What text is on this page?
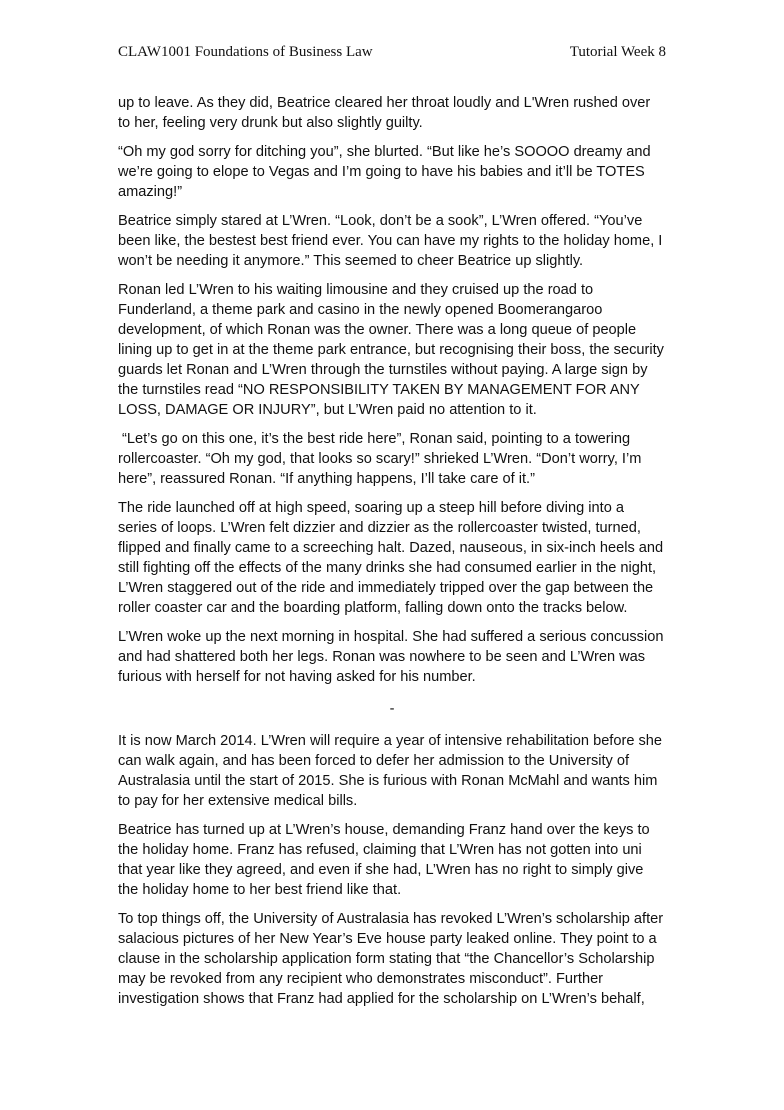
CLAW1001 Foundations of Business Law	Tutorial Week 8

up to leave. As they did, Beatrice cleared her throat loudly and L'Wren rushed over to her, feeling very drunk but also slightly guilty.

“Oh my god sorry for ditching you”, she blurted. “But like he’s SOOOO dreamy and we’re going to elope to Vegas and I’m going to have his babies and it’ll be TOTES amazing!”

Beatrice simply stared at L’Wren. “Look, don’t be a sook”, L’Wren offered. “You’ve been like, the bestest best friend ever. You can have my rights to the holiday home, I won’t be needing it anymore.” This seemed to cheer Beatrice up slightly.

Ronan led L’Wren to his waiting limousine and they cruised up the road to Funderland, a theme park and casino in the newly opened Boomerangaroo development, of which Ronan was the owner. There was a long queue of people lining up to get in at the theme park entrance, but recognising their boss, the security guards let Ronan and L’Wren through the turnstiles without paying. A large sign by the turnstiles read “NO RESPONSIBILITY TAKEN BY MANAGEMENT FOR ANY LOSS, DAMAGE OR INJURY”, but L’Wren paid no attention to it.

“Let’s go on this one, it’s the best ride here”, Ronan said, pointing to a towering rollercoaster. “Oh my god, that looks so scary!” shrieked L’Wren. “Don’t worry, I’m here”, reassured Ronan. “If anything happens, I’ll take care of it.”

The ride launched off at high speed, soaring up a steep hill before diving into a series of loops. L’Wren felt dizzier and dizzier as the rollercoaster twisted, turned, flipped and finally came to a screeching halt. Dazed, nauseous, in six-inch heels and still fighting off the effects of the many drinks she had consumed earlier in the night, L’Wren staggered out of the ride and immediately tripped over the gap between the roller coaster car and the boarding platform, falling down onto the tracks below.

L’Wren woke up the next morning in hospital. She had suffered a serious concussion and had shattered both her legs. Ronan was nowhere to be seen and L’Wren was furious with herself for not having asked for his number.

-

It is now March 2014. L’Wren will require a year of intensive rehabilitation before she can walk again, and has been forced to defer her admission to the University of Australasia until the start of 2015. She is furious with Ronan McMahl and wants him to pay for her extensive medical bills.

Beatrice has turned up at L’Wren’s house, demanding Franz hand over the keys to the holiday home. Franz has refused, claiming that L’Wren has not gotten into uni that year like they agreed, and even if she had, L’Wren has no right to simply give the holiday home to her best friend like that.

To top things off, the University of Australasia has revoked L’Wren’s scholarship after salacious pictures of her New Year’s Eve house party leaked online. They point to a clause in the scholarship application form stating that “the Chancellor’s Scholarship may be revoked from any recipient who demonstrates misconduct”. Further investigation shows that Franz had applied for the scholarship on L’Wren’s behalf,
